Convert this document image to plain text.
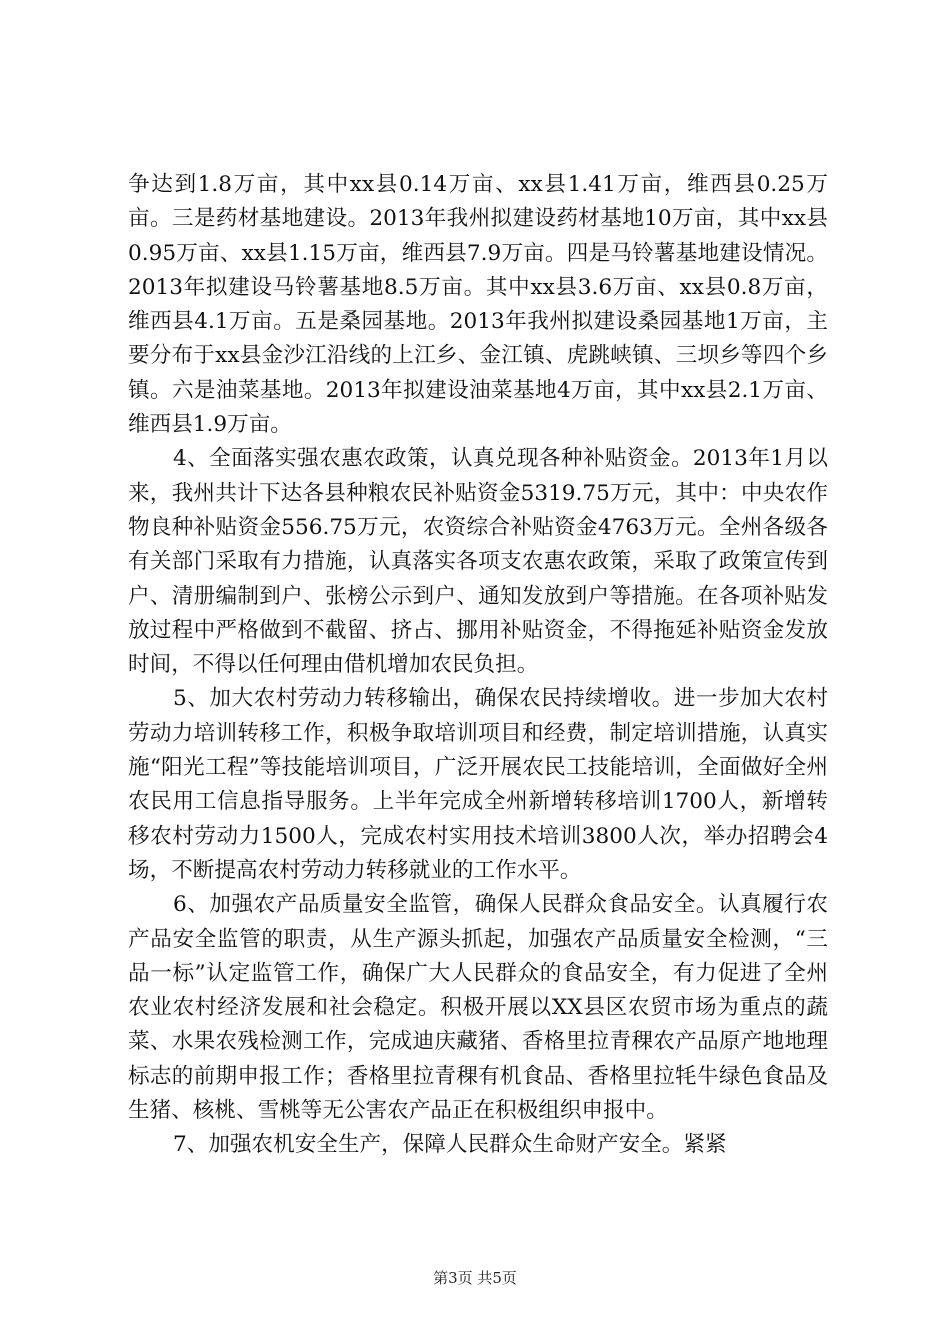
争达到1.8万亩，其中xx县0.14万亩、xx县1.41万亩，维西县0.25万亩。三是药材基地建设。2013年我州拟建设药材基地10万亩，其中xx县0.95万亩、xx县1.15万亩，维西县7.9万亩。四是马铃薯基地建设情况。2013年拟建设马铃薯基地8.5万亩。其中xx县3.6万亩、xx县0.8万亩，维西县4.1万亩。五是桑园基地。2013年我州拟建设桑园基地1万亩，主要分布于xx县金沙江沿线的上江乡、金江镇、虎跳峡镇、三坝乡等四个乡镇。六是油菜基地。2013年拟建设油菜基地4万亩，其中xx县2.1万亩、维西县1.9万亩。

4、全面落实强农惠农政策，认真兑现各种补贴资金。2013年1月以来，我州共计下达各县种粮农民补贴资金5319.75万元，其中：中央农作物良种补贴资金556.75万元，农资综合补贴资金4763万元。全州各级各有关部门采取有力措施，认真落实各项支农惠农政策，采取了政策宣传到户、清册编制到户、张榜公示到户、通知发放到户等措施。在各项补贴发放过程中严格做到不截留、挤占、挪用补贴资金，不得拖延补贴资金发放时间，不得以任何理由借机增加农民负担。

5、加大农村劳动力转移输出，确保农民持续增收。进一步加大农村劳动力培训转移工作，积极争取培训项目和经费，制定培训措施，认真实施“阳光工程”等技能培训项目，广泛开展农民工技能培训，全面做好全州农民用工信息指导服务。上半年完成全州新增转移培训1700人，新增转移农村劳动力1500人，完成农村实用技术培训3800人次，举办招聘会4场，不断提高农村劳动力转移就业的工作水平。

6、加强农产品质量安全监管，确保人民群众食品安全。认真履行农产品安全监管的职责，从生产源头抓起，加强农产品质量安全检测，“三品一标”认定监管工作，确保广大人民群众的食品安全，有力促进了全州农业农村经济发展和社会稳定。积极开展以XX县区农贸市场为重点的蔬菜、水果农残检测工作，完成迪庆藏猪、香格里拉青稞农产品原产地地理标志的前期申报工作；香格里拉青稞有机食品、香格里拉牦牛绿色食品及生猪、核桃、雪桃等无公害农产品正在积极组织申报中。

7、加强农机安全生产，保障人民群众生命财产安全。紧紧

第3页 共5页
